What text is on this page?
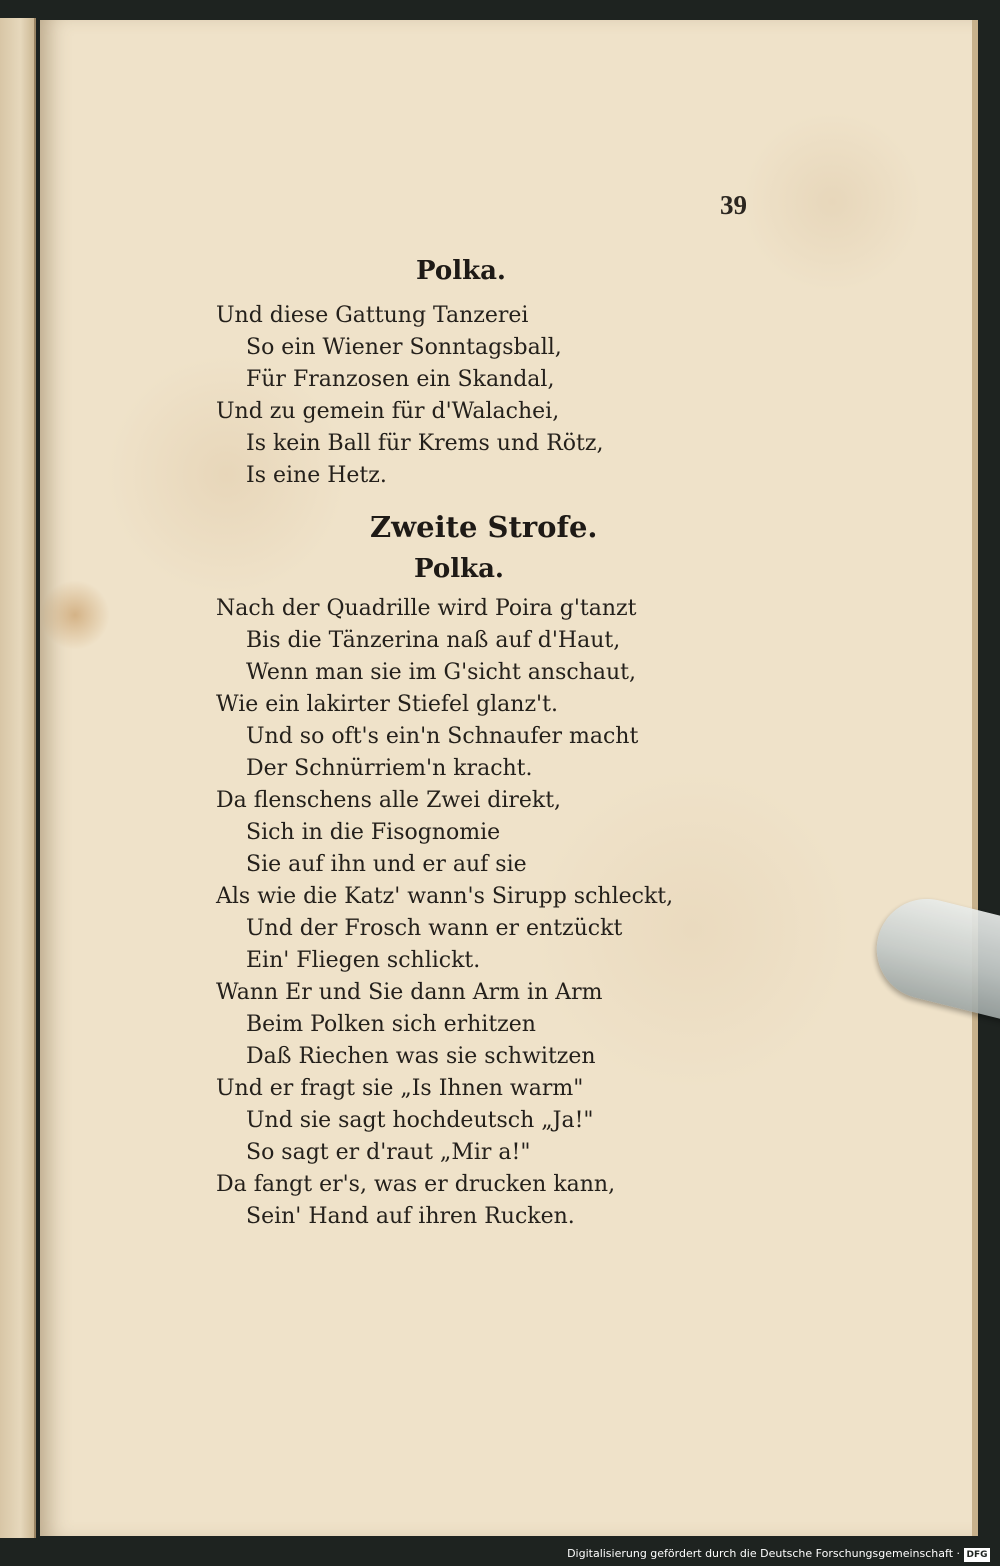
39
Polka.
Und diese Gattung Tanzerei
So ein Wiener Sonntagsball,
Für Franzosen ein Skandal,
Und zu gemein für d'Walachei,
Is kein Ball für Krems und Rötz,
Is eine Hetz.
Zweite Strofe.
Polka.
Nach der Quadrille wird Poira g'tanzt
Bis die Tänzerina naß auf d'Haut,
Wenn man sie im G'sicht anschaut,
Wie ein lakirter Stiefel glanz't.
Und so oft's ein'n Schnaufer macht
Der Schnürriem'n kracht.
Da flenschens alle Zwei direkt,
Sich in die Fisognomie
Sie auf ihn und er auf sie
Als wie die Katz' wann's Sirupp schleckt,
Und der Frosch wann er entzückt
Ein' Fliegen schlickt.
Wann Er und Sie dann Arm in Arm
Beim Polken sich erhitzen
Daß Riechen was sie schwitzen
Und er fragt sie „Is Ihnen warm"
Und sie sagt hochdeutsch „Ja!"
So sagt er d'raut „Mir a!"
Da fangt er's, was er drucken kann,
Sein' Hand auf ihren Rucken.
Digitalisierung gefördert durch die Deutsche Forschungsgemeinschaft · DFG
